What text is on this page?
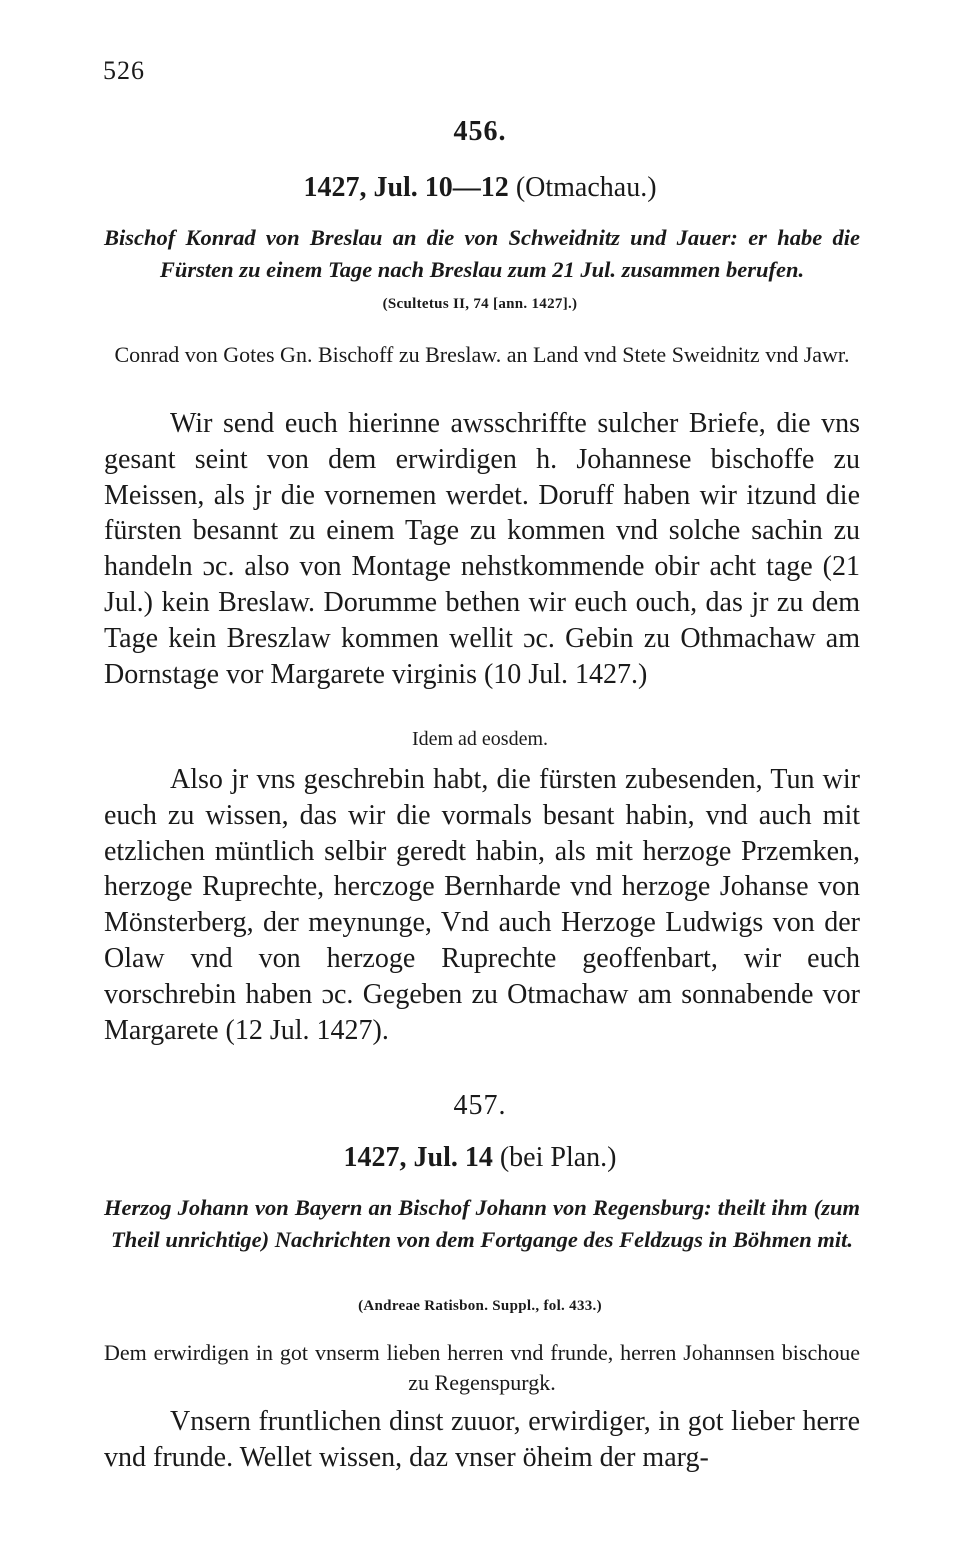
526
456.
1427, Jul. 10—12 (Otmachau.)
Bischof Konrad von Breslau an die von Schweidnitz und Jauer: er habe die Fürsten zu einem Tage nach Breslau zum 21 Jul. zusammen berufen.
(Scultetus II, 74 [ann. 1427].)
Conrad von Gotes Gn. Bischoff zu Breslaw. an Land vnd Stete Sweidnitz vnd Jawr.
Wir send euch hierinne awsschriffte sulcher Briefe, die vns gesant seint von dem erwirdigen h. Johannese bischoffe zu Meissen, als jr die vornemen werdet. Doruff haben wir itzund die fürsten besannt zu einem Tage zu kommen vnd solche sachin zu handeln ɔc. also von Montage nehstkommende obir acht tage (21 Jul.) kein Breslaw. Dorumme bethen wir euch ouch, das jr zu dem Tage kein Breszlaw kommen wellit ɔc. Gebin zu Othmachaw am Dornstage vor Margarete virginis (10 Jul. 1427.)
Idem ad eosdem.
Also jr vns geschrebin habt, die fürsten zubesenden, Tun wir euch zu wissen, das wir die vormals besant habin, vnd auch mit etzlichen müntlich selbir geredt habin, als mit herzoge Przemken, herzoge Ruprechte, herczoge Bernharde vnd herzoge Johanse von Mönsterberg, der meynunge, Vnd auch Herzoge Ludwigs von der Olaw vnd von herzoge Ruprechte geoffenbart, wir euch vorschrebin haben ɔc. Gegeben zu Otmachaw am sonnabende vor Margarete (12 Jul. 1427).
457.
1427, Jul. 14 (bei Plan.)
Herzog Johann von Bayern an Bischof Johann von Regensburg: theilt ihm (zum Theil unrichtige) Nachrichten von dem Fortgange des Feldzugs in Böhmen mit.
(Andreae Ratisbon. Suppl., fol. 433.)
Dem erwirdigen in got vnserm lieben herren vnd frunde, herren Johannsen bischoue zu Regenspurgk.
Vnsern fruntlichen dinst zuuor, erwirdiger, in got lieber herre vnd frunde. Wellet wissen, daz vnser öheim der marg-
